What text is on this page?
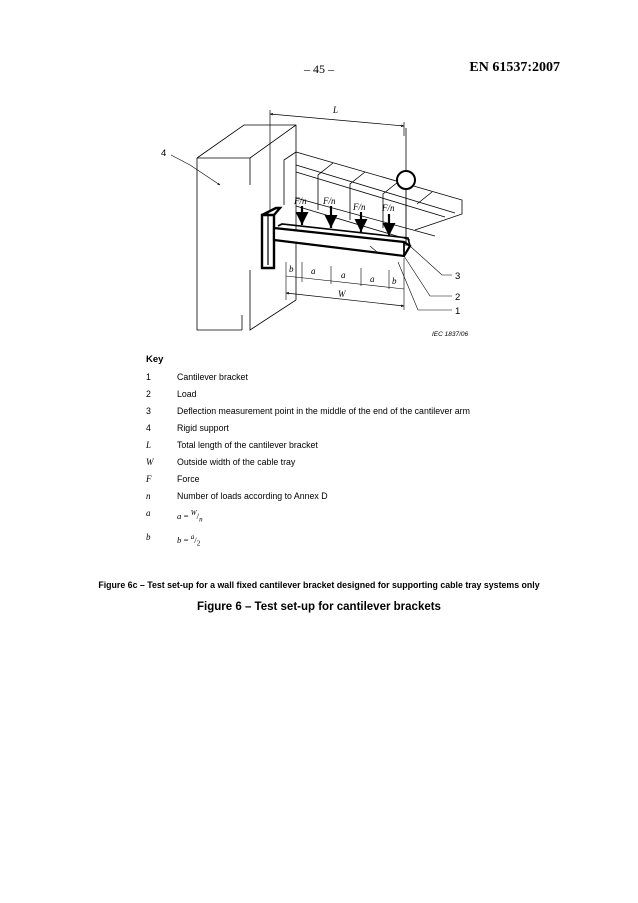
– 45 –	EN 61537:2007
L
F/n F/n
F/n F/n
b a	a	a b
W
3
2
1
4
IEC 1837/06
Key
1	Cantilever bracket
2	Load
3	Deflection measurement point in the middle of the end of the cantilever arm
4	Rigid support
L	Total length of the cantilever bracket
W	Outside width of the cable tray
F	Force
n	Number of loads according to Annex D
a	$a = ^W/_n$
b	$b = ^a/_2$
Figure 6c – Test set-up for a wall fixed cantilever bracket designed for supporting cable tray systems only
Figure 6 – Test set-up for cantilever brackets
